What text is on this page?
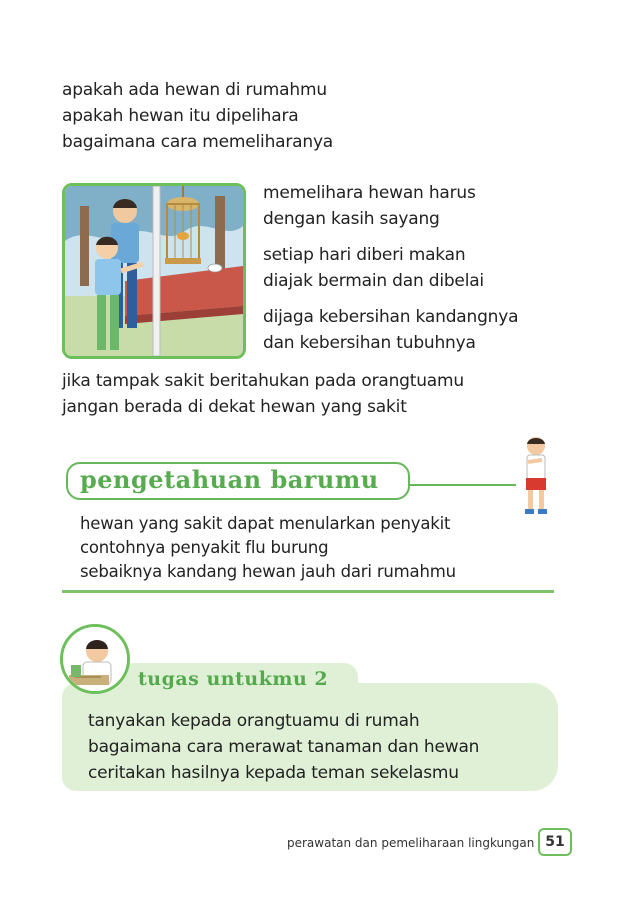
apakah ada hewan di rumahmu
apakah hewan itu dipelihara
bagaimana cara memeliharanya
memelihara hewan harus
dengan kasih sayang
setiap hari diberi makan
diajak bermain dan dibelai
dijaga kebersihan kandangnya
dan kebersihan tubuhnya
jika tampak sakit beritahukan pada orangtuamu
jangan berada di dekat hewan yang sakit
pengetahuan barumu
hewan yang sakit dapat menularkan penyakit
contohnya penyakit flu burung
sebaiknya kandang hewan jauh dari rumahmu
tugas untukmu 2
tanyakan kepada orangtuamu di rumah
bagaimana cara merawat tanaman dan hewan
ceritakan hasilnya kepada teman sekelasmu
perawatan dan pemeliharaan lingkungan 51
